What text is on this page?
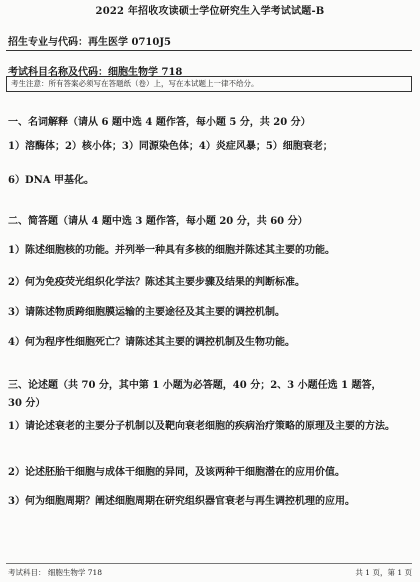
2022 年招收攻读硕士学位研究生入学考试试题-B
招生专业与代码：再生医学 0710J5
考试科目名称及代码：细胞生物学 718
考生注意：所有答案必须写在答题纸（卷）上，写在本试题上一律不给分。
一、名词解释（请从 6 题中选 4 题作答，每小题 5 分，共 20 分）
1）溶酶体；2）核小体；3）同源染色体；4）炎症风暴；5）细胞衰老；
6）DNA 甲基化。
二、简答题（请从 4 题中选 3 题作答，每小题 20 分，共 60 分）
1）陈述细胞核的功能。并列举一种具有多核的细胞并陈述其主要的功能。
2）何为免疫荧光组织化学法？陈述其主要步骤及结果的判断标准。
3）请陈述物质跨细胞膜运输的主要途径及其主要的调控机制。
4）何为程序性细胞死亡？请陈述其主要的调控机制及生物功能。
三、论述题（共 70 分，其中第 1 小题为必答题，40 分；2、3 小题任选 1 题答，
30 分）
1）请论述衰老的主要分子机制以及靶向衰老细胞的疾病治疗策略的原理及主要的方法。
2）论述胚胎干细胞与成体干细胞的异同，及该两种干细胞潜在的应用价值。
3）何为细胞周期？阐述细胞周期在研究组织器官衰老与再生调控机理的应用。
考试科目： 细胞生物学 718	共 1 页，第 1 页
